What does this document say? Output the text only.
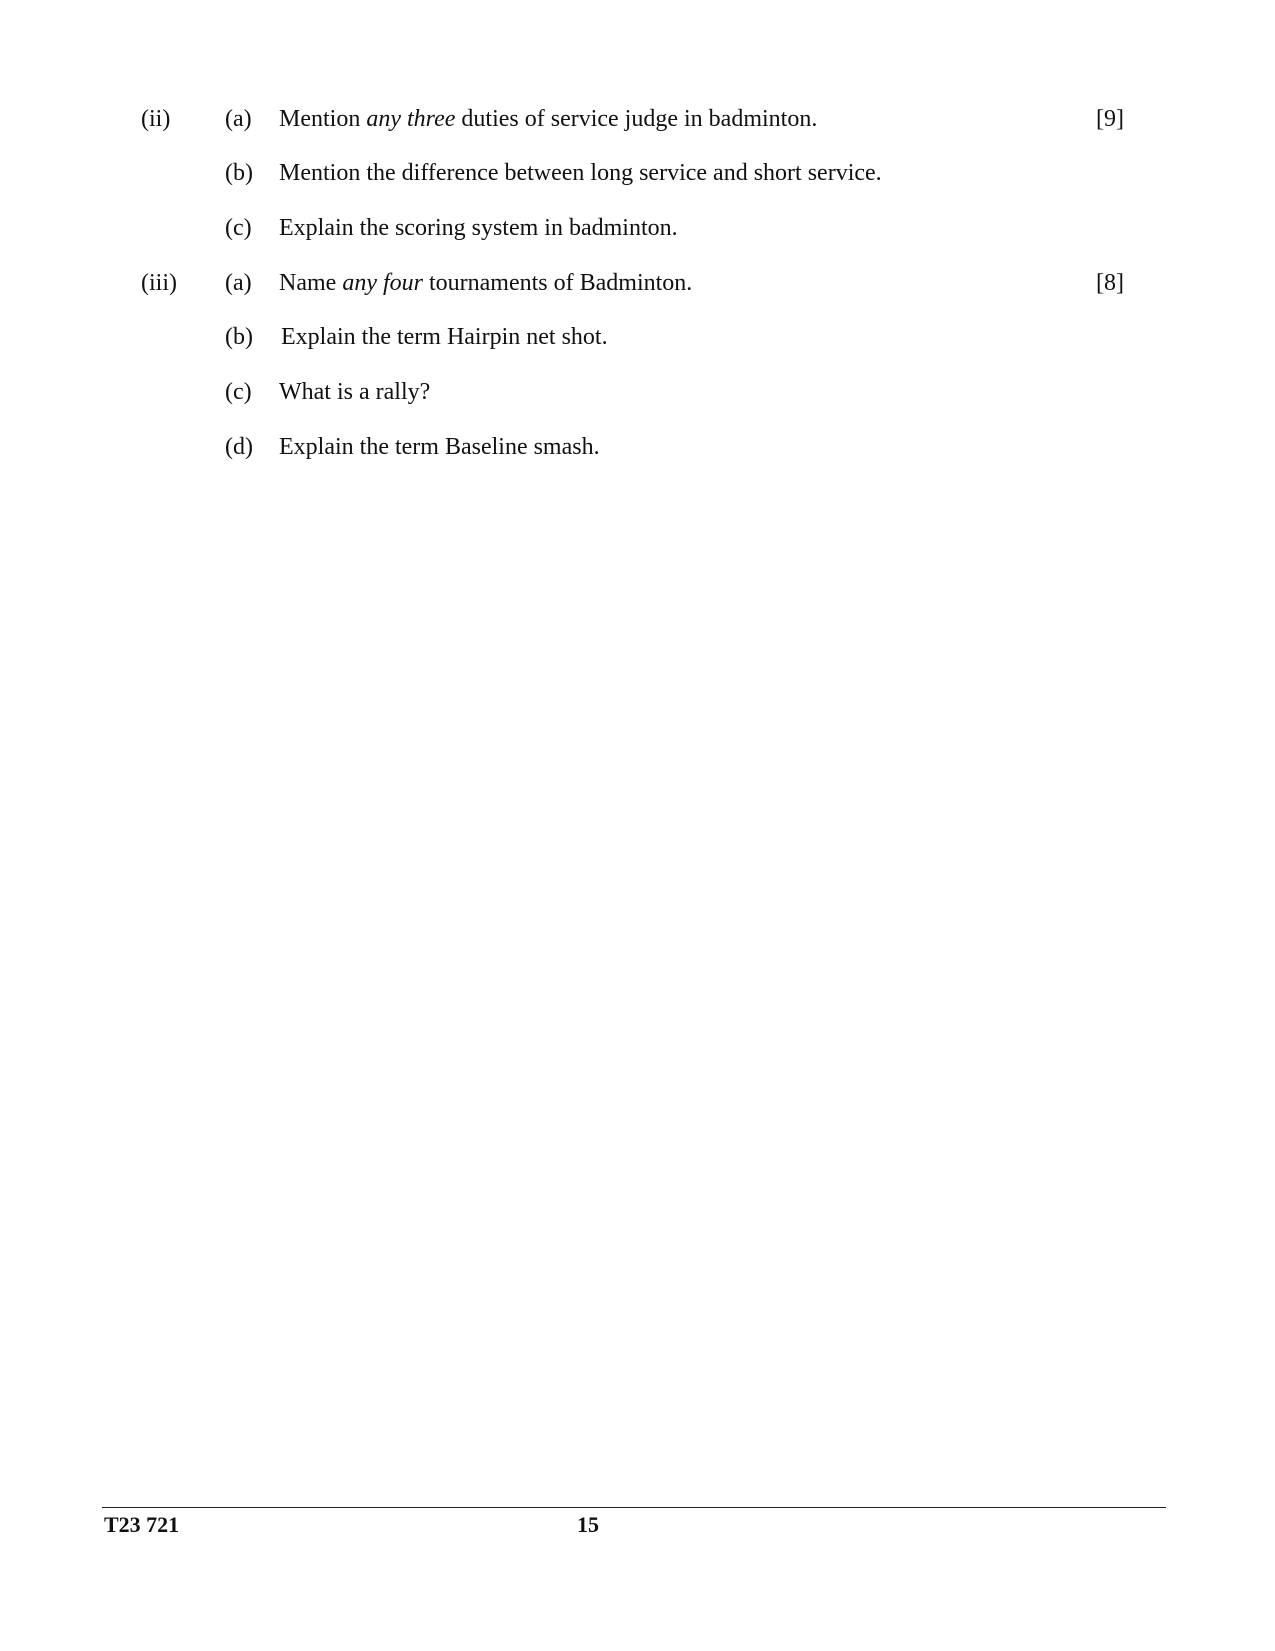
(ii) (a) Mention any three duties of service judge in badminton.	[9]
(b) Mention the difference between long service and short service.
(c) Explain the scoring system in badminton.
(iii) (a) Name any four tournaments of Badminton.	[8]
(b) Explain the term Hairpin net shot.
(c) What is a rally?
(d) Explain the term Baseline smash.
T23 721	15
